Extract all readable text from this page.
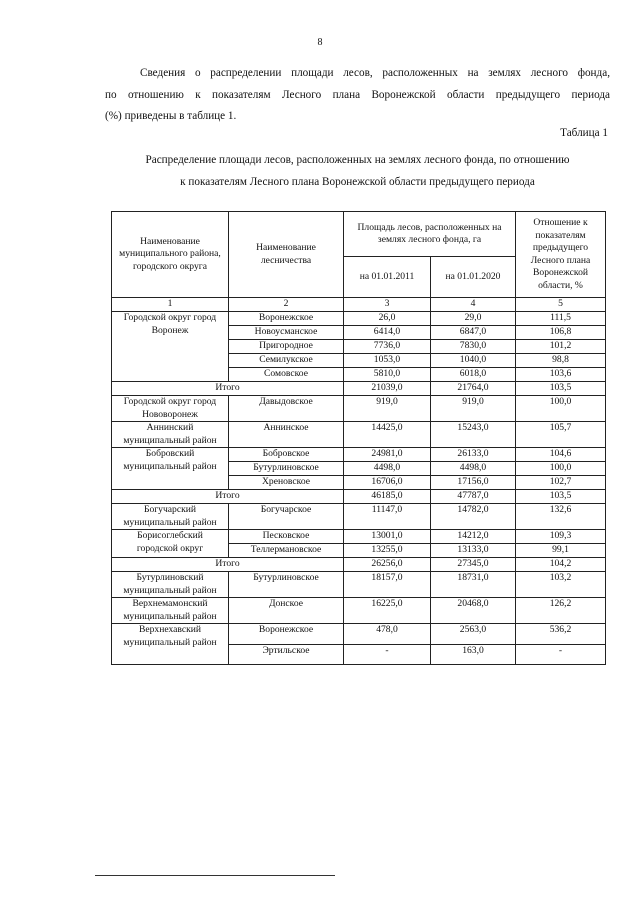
8
Сведения о распределении площади лесов, расположенных на землях лесного фонда,
по отношению к показателям Лесного плана Воронежской области предыдущего периода
(%) приведены в таблице 1.
Таблица 1
Распределение площади лесов, расположенных на землях лесного фонда, по отношению
к показателям Лесного плана Воронежской области предыдущего периода
Наименование муниципального района, городского округа	Наименование лесничества	Площадь лесов, расположенных на землях лесного фонда, га		Отношение к показателям предыдущего Лесного плана Воронежской области, %
		на 01.01.2011	на 01.01.2020	
1	2	3	4	5
Городской округ город Воронеж	Воронежское	26,0	29,0	111,5
	Новоусманское	6414,0	6847,0	106,8
	Пригородное	7736,0	7830,0	101,2
	Семилукское	1053,0	1040,0	98,8
	Сомовское	5810,0	6018,0	103,6
Итого		21039,0	21764,0	103,5
Городской округ город Нововоронеж	Давыдовское	919,0	919,0	100,0
Аннинский муниципальный район	Аннинское	14425,0	15243,0	105,7
Бобровский муниципальный район	Бобровское	24981,0	26133,0	104,6
	Бутурлиновское	4498,0	4498,0	100,0
	Хреновское	16706,0	17156,0	102,7
Итого		46185,0	47787,0	103,5
Богучарский муниципальный район	Богучарское	11147,0	14782,0	132,6
Борисоглебский городской округ	Песковское	13001,0	14212,0	109,3
	Теллермановское	13255,0	13133,0	99,1
Итого		26256,0	27345,0	104,2
Бутурлиновский муниципальный район	Бутурлиновское	18157,0	18731,0	103,2
Верхнемамонский муниципальный район	Донское	16225,0	20468,0	126,2
Верхнехавский муниципальный район	Воронежское	478,0	2563,0	536,2
	Эртильское	-	163,0	-
